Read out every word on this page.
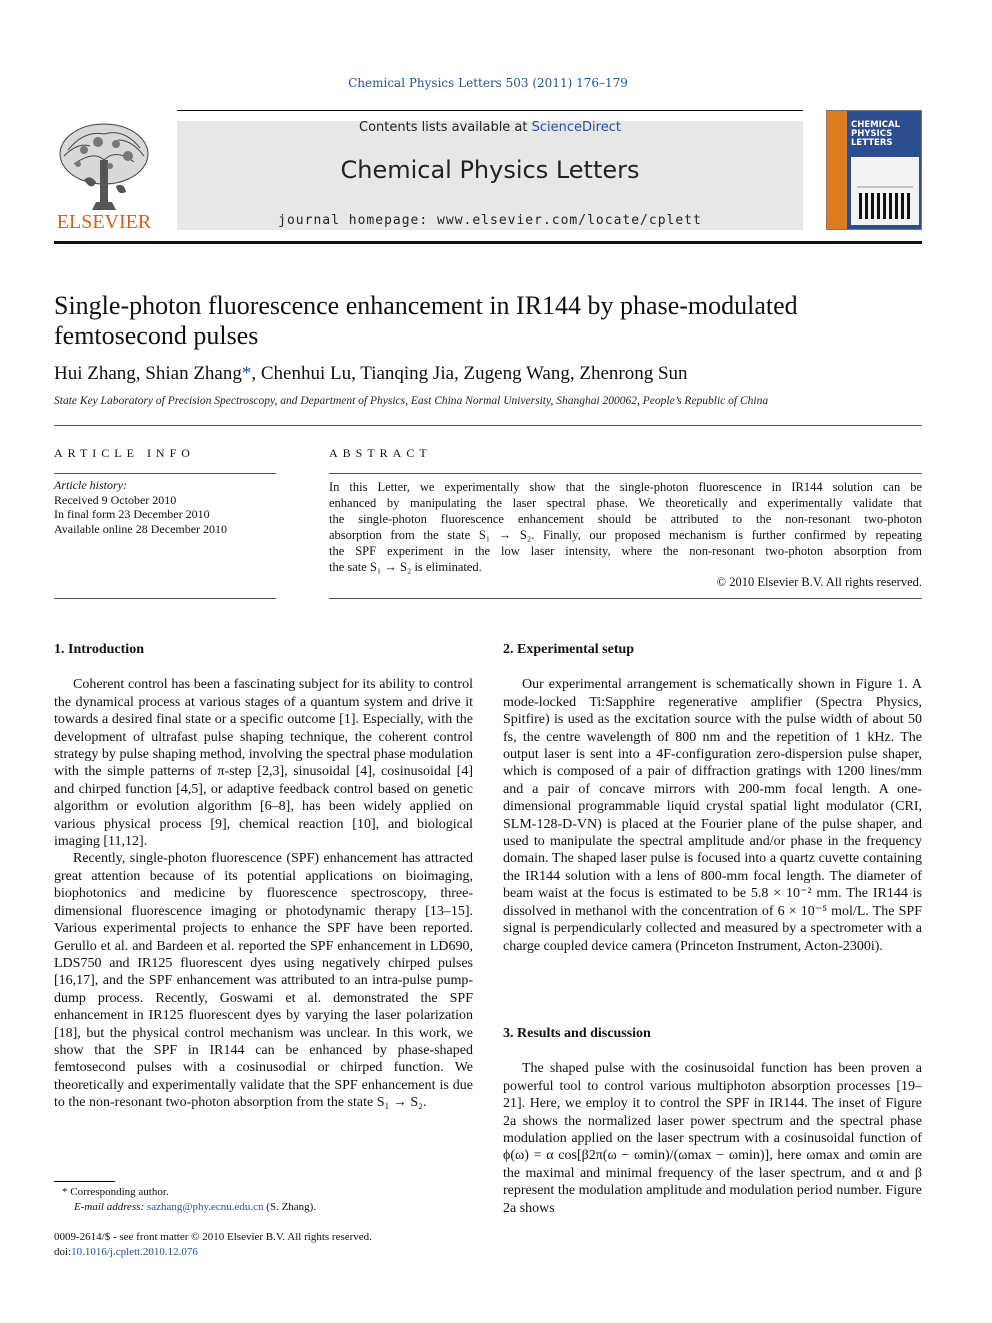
Chemical Physics Letters 503 (2011) 176–179
ELSEVIER
Contents lists available at ScienceDirect
Chemical Physics Letters
journal homepage: www.elsevier.com/locate/cplett
CHEMICAL
PHYSICS
LETTERS
Single-photon fluorescence enhancement in IR144 by phase-modulated
femtosecond pulses
Hui Zhang, Shian Zhang*, Chenhui Lu, Tianqing Jia, Zugeng Wang, Zhenrong Sun
State Key Laboratory of Precision Spectroscopy, and Department of Physics, East China Normal University, Shanghai 200062, People’s Republic of China
ARTICLE INFO
Article history:
Received 9 October 2010
In final form 23 December 2010
Available online 28 December 2010
ABSTRACT
In this Letter, we experimentally show that the single-photon fluorescence in IR144 solution can be
enhanced by manipulating the laser spectral phase. We theoretically and experimentally validate that
the single-photon fluorescence enhancement should be attributed to the non-resonant two-photon
absorption from the state S₁ → S₂. Finally, our proposed mechanism is further confirmed by repeating
the SPF experiment in the low laser intensity, where the non-resonant two-photon absorption from
the sate S₁ → S₂ is eliminated.
© 2010 Elsevier B.V. All rights reserved.
1. Introduction

Coherent control has been a fascinating subject for its ability to control the dynamical process at various stages of a quantum system and drive it towards a desired final state or a specific outcome [1]. Especially, with the development of ultrafast pulse shaping technique, the coherent control strategy by pulse shaping method, involving the spectral phase modulation with the simple patterns of π-step [2,3], sinusoidal [4], cosinusoidal [4] and chirped function [4,5], or adaptive feedback control based on genetic algorithm or evolution algorithm [6–8], has been widely applied on various physical process [9], chemical reaction [10], and biological imaging [11,12].

Recently, single-photon fluorescence (SPF) enhancement has attracted great attention because of its potential applications on bioimaging, biophotonics and medicine by fluorescence spectroscopy, three-dimensional fluorescence imaging or photodynamic therapy [13–15]. Various experimental projects to enhance the SPF have been reported. Gerullo et al. and Bardeen et al. reported the SPF enhancement in LD690, LDS750 and IR125 fluorescent dyes using negatively chirped pulses [16,17], and the SPF enhancement was attributed to an intra-pulse pump-dump process. Recently, Goswami et al. demonstrated the SPF enhancement in IR125 fluorescent dyes by varying the laser polarization [18], but the physical control mechanism was unclear. In this work, we show that the SPF in IR144 can be enhanced by phase-shaped femtosecond pulses with a cosinusodial or chirped function. We theoretically and experimentally validate that the SPF enhancement is due to the non-resonant two-photon absorption from the state S₁ → S₂.

* Corresponding author.
E-mail address: sazhang@phy.ecnu.edu.cn (S. Zhang).
0009-2614/$ - see front matter © 2010 Elsevier B.V. All rights reserved.
doi:10.1016/j.cplett.2010.12.076
2. Experimental setup

Our experimental arrangement is schematically shown in Figure 1. A mode-locked Ti:Sapphire regenerative amplifier (Spectra Physics, Spitfire) is used as the excitation source with the pulse width of about 50 fs, the centre wavelength of 800 nm and the repetition of 1 kHz. The output laser is sent into a 4F-configuration zero-dispersion pulse shaper, which is composed of a pair of diffraction gratings with 1200 lines/mm and a pair of concave mirrors with 200-mm focal length. A one-dimensional programmable liquid crystal spatial light modulator (CRI, SLM-128-D-VN) is placed at the Fourier plane of the pulse shaper, and used to manipulate the spectral amplitude and/or phase in the frequency domain. The shaped laser pulse is focused into a quartz cuvette containing the IR144 solution with a lens of 800-mm focal length. The diameter of beam waist at the focus is estimated to be 5.8 × 10⁻² mm. The IR144 is dissolved in methanol with the concentration of 6 × 10⁻⁵ mol/L. The SPF signal is perpendicularly collected and measured by a spectrometer with a charge coupled device camera (Princeton Instrument, Acton-2300i).

3. Results and discussion

The shaped pulse with the cosinusoidal function has been proven a powerful tool to control various multiphoton absorption processes [19–21]. Here, we employ it to control the SPF in IR144. The inset of Figure 2a shows the normalized laser power spectrum and the spectral phase modulation applied on the laser spectrum with a cosinusoidal function of ϕ(ω) = α cos[β2π(ω − ωmin)/(ωmax − ωmin)], here ωmax and ωmin are the maximal and minimal frequency of the laser spectrum, and α and β represent the modulation amplitude and modulation period number. Figure 2a shows
